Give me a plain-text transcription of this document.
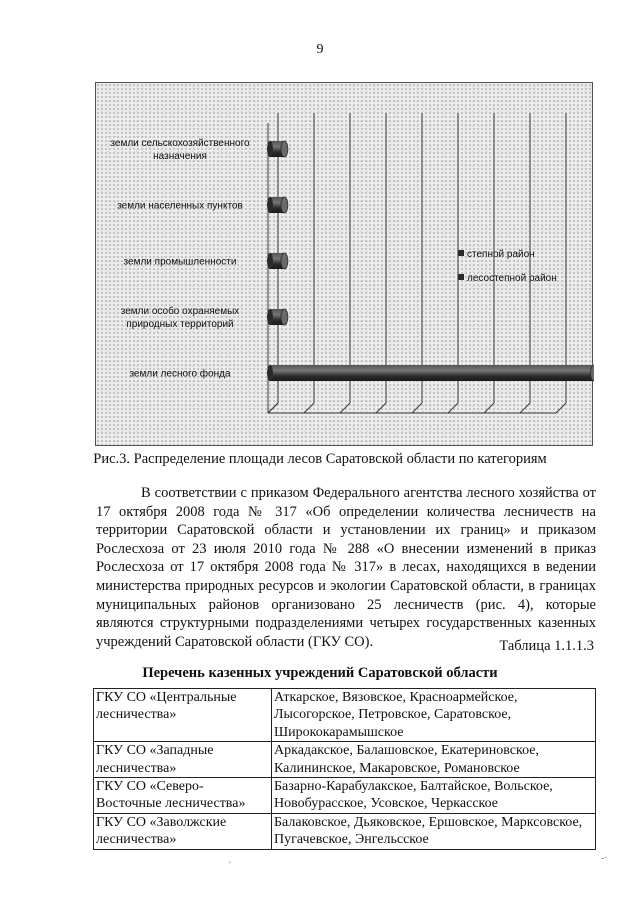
9
земли сельскохозяйственного
назначения
земли населенных пунктов
земли промышленности
земли особо охраняемых
природных территорий
земли лесного фонда
степной район
лесостепной район
Рис.3. Распределение площади лесов Саратовской области по категориям

В соответствии с приказом Федерального агентства лесного хозяйства от 17 октября 2008 года № 317 «Об определении количества лесничеств на территории Саратовской области и установлении их границ» и приказом Рослесхоза от 23 июля 2010 года № 288 «О внесении изменений в приказ Рослесхоза от 17 октября 2008 года № 317» в лесах, находящихся в ведении министерства природных ресурсов и экологии Саратовской области, в границах муниципальных районов организовано 25 лесничеств (рис. 4), которые являются структурными подразделениями четырех государственных казенных учреждений Саратовской области (ГКУ СО).	Таблица 1.1.1.3
Перечень казенных учреждений Саратовской области
ГКУ СО «Центральные лесничества»	Аткарское, Вязовское, Красноармейское, Лысогорское, Петровское, Саратовское, Ширококарамышское
ГКУ СО «Западные лесничества»	Аркадакское, Балашовское, Екатериновское, Калининское, Макаровское, Романовское
ГКУ СО «Северо-Восточные лесничества»	Базарно-Карабулакское, Балтайское, Вольское, Новобурасское, Усовское, Черкасское
ГКУ СО «Заволжские лесничества»	Балаковское, Дьяковское, Ершовское, Марксовское, Пугачевское, Энгельсское
·	-·
